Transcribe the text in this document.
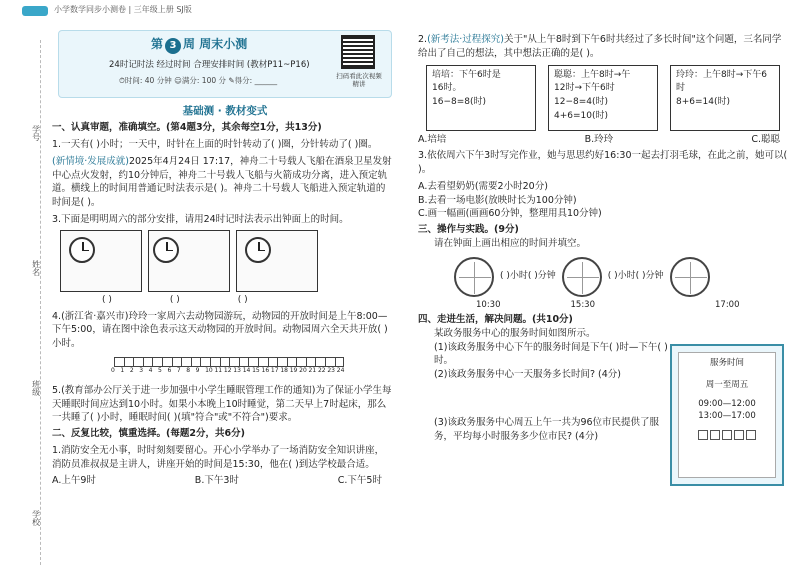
小学数学同步小测卷 | 三年级上册 SJ版
学号
姓名
班级
学校
第 3 周 周末小测
24时记时法 经过时间 合理安排时间 (教材P11~P16)
⏱时间: 40 分钟 ☺满分: 100 分 ✎得分: ______	扫码看此次视频精讲
基础测 · 教材变式
一、认真审题，准确填空。(第4题3分，其余每空1分，共13分)
1.一天有( )小时；一天中，时针在上面的时针转动了( )圈，分针转动了( )圈。
(新情境·发展成就)2025年4月24日 17:17，神舟二十号载人飞船在酒泉卫星发射中心点火发射，约10分钟后，神舟二十号载人飞船与火箭成功分离，进入预定轨道。横线上的时间用普通记时法表示是( )。神舟二十号载人飞船进入预定轨道的时间是( )。
3.下面是明明周六的部分安排，请用24时记时法表示出钟面上的时间。
( )	( )	( )
4.(浙江省·嘉兴市)玲玲一家周六去动物园游玩，动物园的开放时间是上午8:00—下午5:00，请在图中涂色表示这天动物园的开放时间。动物园周六全天共开放( )小时。
0 1 2 3 4 5 6 7 8 9 10 11 12 13 14 15 16 17 18 19 20 21 22 23 24
5.(教育部办公厅关于进一步加强中小学生睡眠管理工作的通知)为了保证小学生每天睡眠时间应达到10小时。如果小本晚上10时睡觉，第二天早上7时起床，那么一共睡了( )小时，睡眠时间( )(填"符合"或"不符合")要求。
二、反复比较，慎重选择。(每题2分，共6分)
1.消防安全无小事，时时刻刻要留心。开心小学举办了一场消防安全知识讲座，消防员准叔叔是主讲人，讲座开始的时间是15:30，他在( )到达学校最合适。
A.上午9时	B.下午3时	C.下午5时
2.(新考法·过程探究)关于"从上午8时到下午6时共经过了多长时间"这个问题，三名同学给出了自己的想法，其中想法正确的是( )。
培培：下午6时是
16时。
16−8=8(时)
聪聪：上午8时→午
12时→下午6时
12−8=4(时)
4+6=10(时)
玲玲：上午8时→下午6时
8+6=14(时)
A.培培	B.玲玲	C.聪聪
3.依依周六下午3时写完作业，她与思思约好16:30一起去打羽毛球，在此之前，她可以( )。
A.去看望奶奶(需要2小时20分)
B.去看一场电影(放映时长为100分钟)
C.画一幅画(画画60分钟，整理用具10分钟)
三、操作与实践。(9分)
请在钟面上画出相应的时间并填空。
( )小时( )分钟	( )小时( )分钟
10:30	15:30	17:00
四、走进生活，解决问题。(共10分)
某政务服务中心的服务时间如图所示。
(1)该政务服务中心下午的服务时间是下午( )时—下午( )时。
(2)该政务服务中心一天服务多长时间? (4分)
(3)该政务服务中心周五上午一共为96位市民提供了服务，平均每小时服务多少位市民? (4分)
服务时间
周一至周五
09:00—12:00
13:00—17:00
